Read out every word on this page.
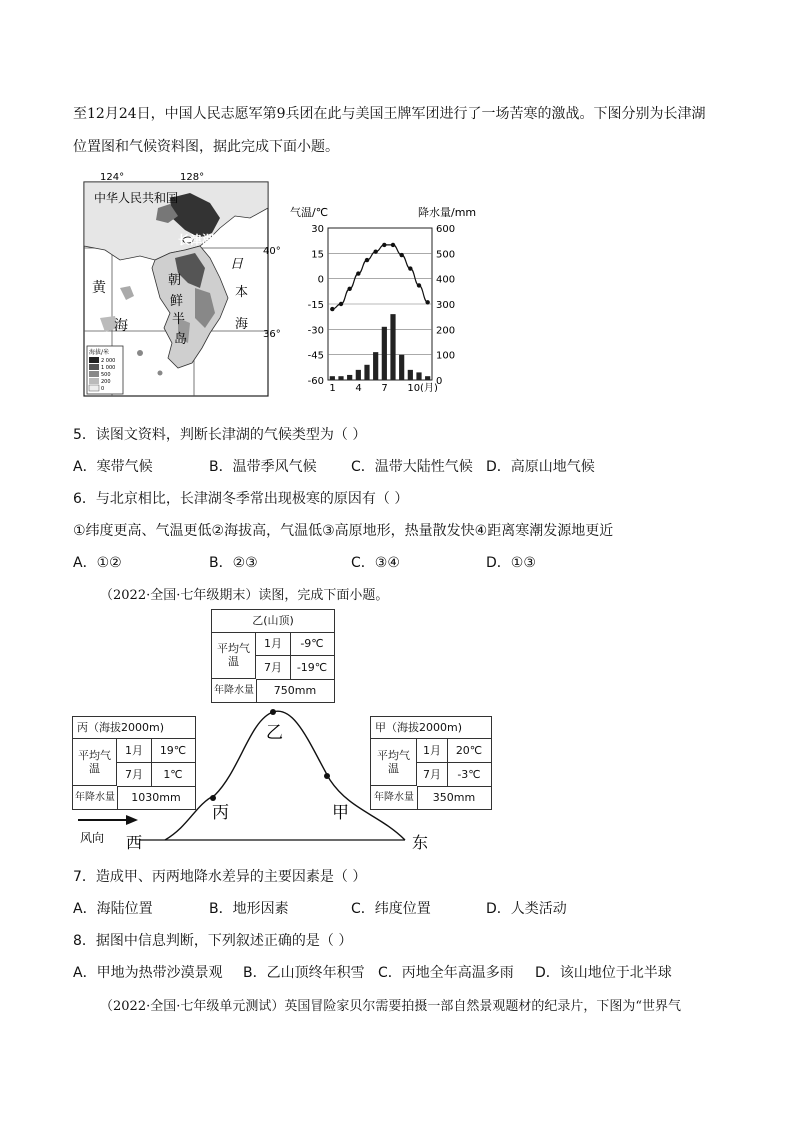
至12月24日，中国人民志愿军第9兵团在此与美国王牌军团进行了一场苦寒的激战。下图分别为长津湖
位置图和气候资料图，据此完成下面小题。
124°	128°
中华人民共和国
长津湖
40°
36°
黄
海
日
本
海
朝
鲜
半
岛
海拔/米
2 000
1 000
500
200
0
气温/℃	降水量/mm
30
15
0
-15
-30
-45
-60
600
500
400
300
200
100
0
1 4 7 10(月)
5．读图文资料，判断长津湖的气候类型为（ ）
A．寒带气候	B．温带季风气候 C．温带大陆性气候 D．高原山地气候
6．与北京相比，长津湖冬季常出现极寒的原因有（ ）
①纬度更高、气温更低②海拔高，气温低③高原地形，热量散发快④距离寒潮发源地更近
A．①②	B．②③	C．③④	D．①③
（2022·全国·七年级期末）读图，完成下面小题。
乙
丙	甲
风向 西	东
乙(山顶)
平均气温
1月	-9℃
7月	-19℃
年降水量	750mm
丙（海拔2000m)
平均气温
1月	19℃
7月	1℃
年降水量	1030mm
甲（海拔2000m)
平均气温
1月	20℃
7月	-3℃
年降水量	350mm
7．造成甲、丙两地降水差异的主要因素是（ ）
A．海陆位置	B．地形因素	C．纬度位置	D．人类活动
8．据图中信息判断，下列叙述正确的是（ ）
A．甲地为热带沙漠景观 B．乙山顶终年积雪 C．丙地全年高温多雨 D．该山地位于北半球
（2022·全国·七年级单元测试）英国冒险家贝尔需要拍摄一部自然景观题材的纪录片，下图为“世界气
